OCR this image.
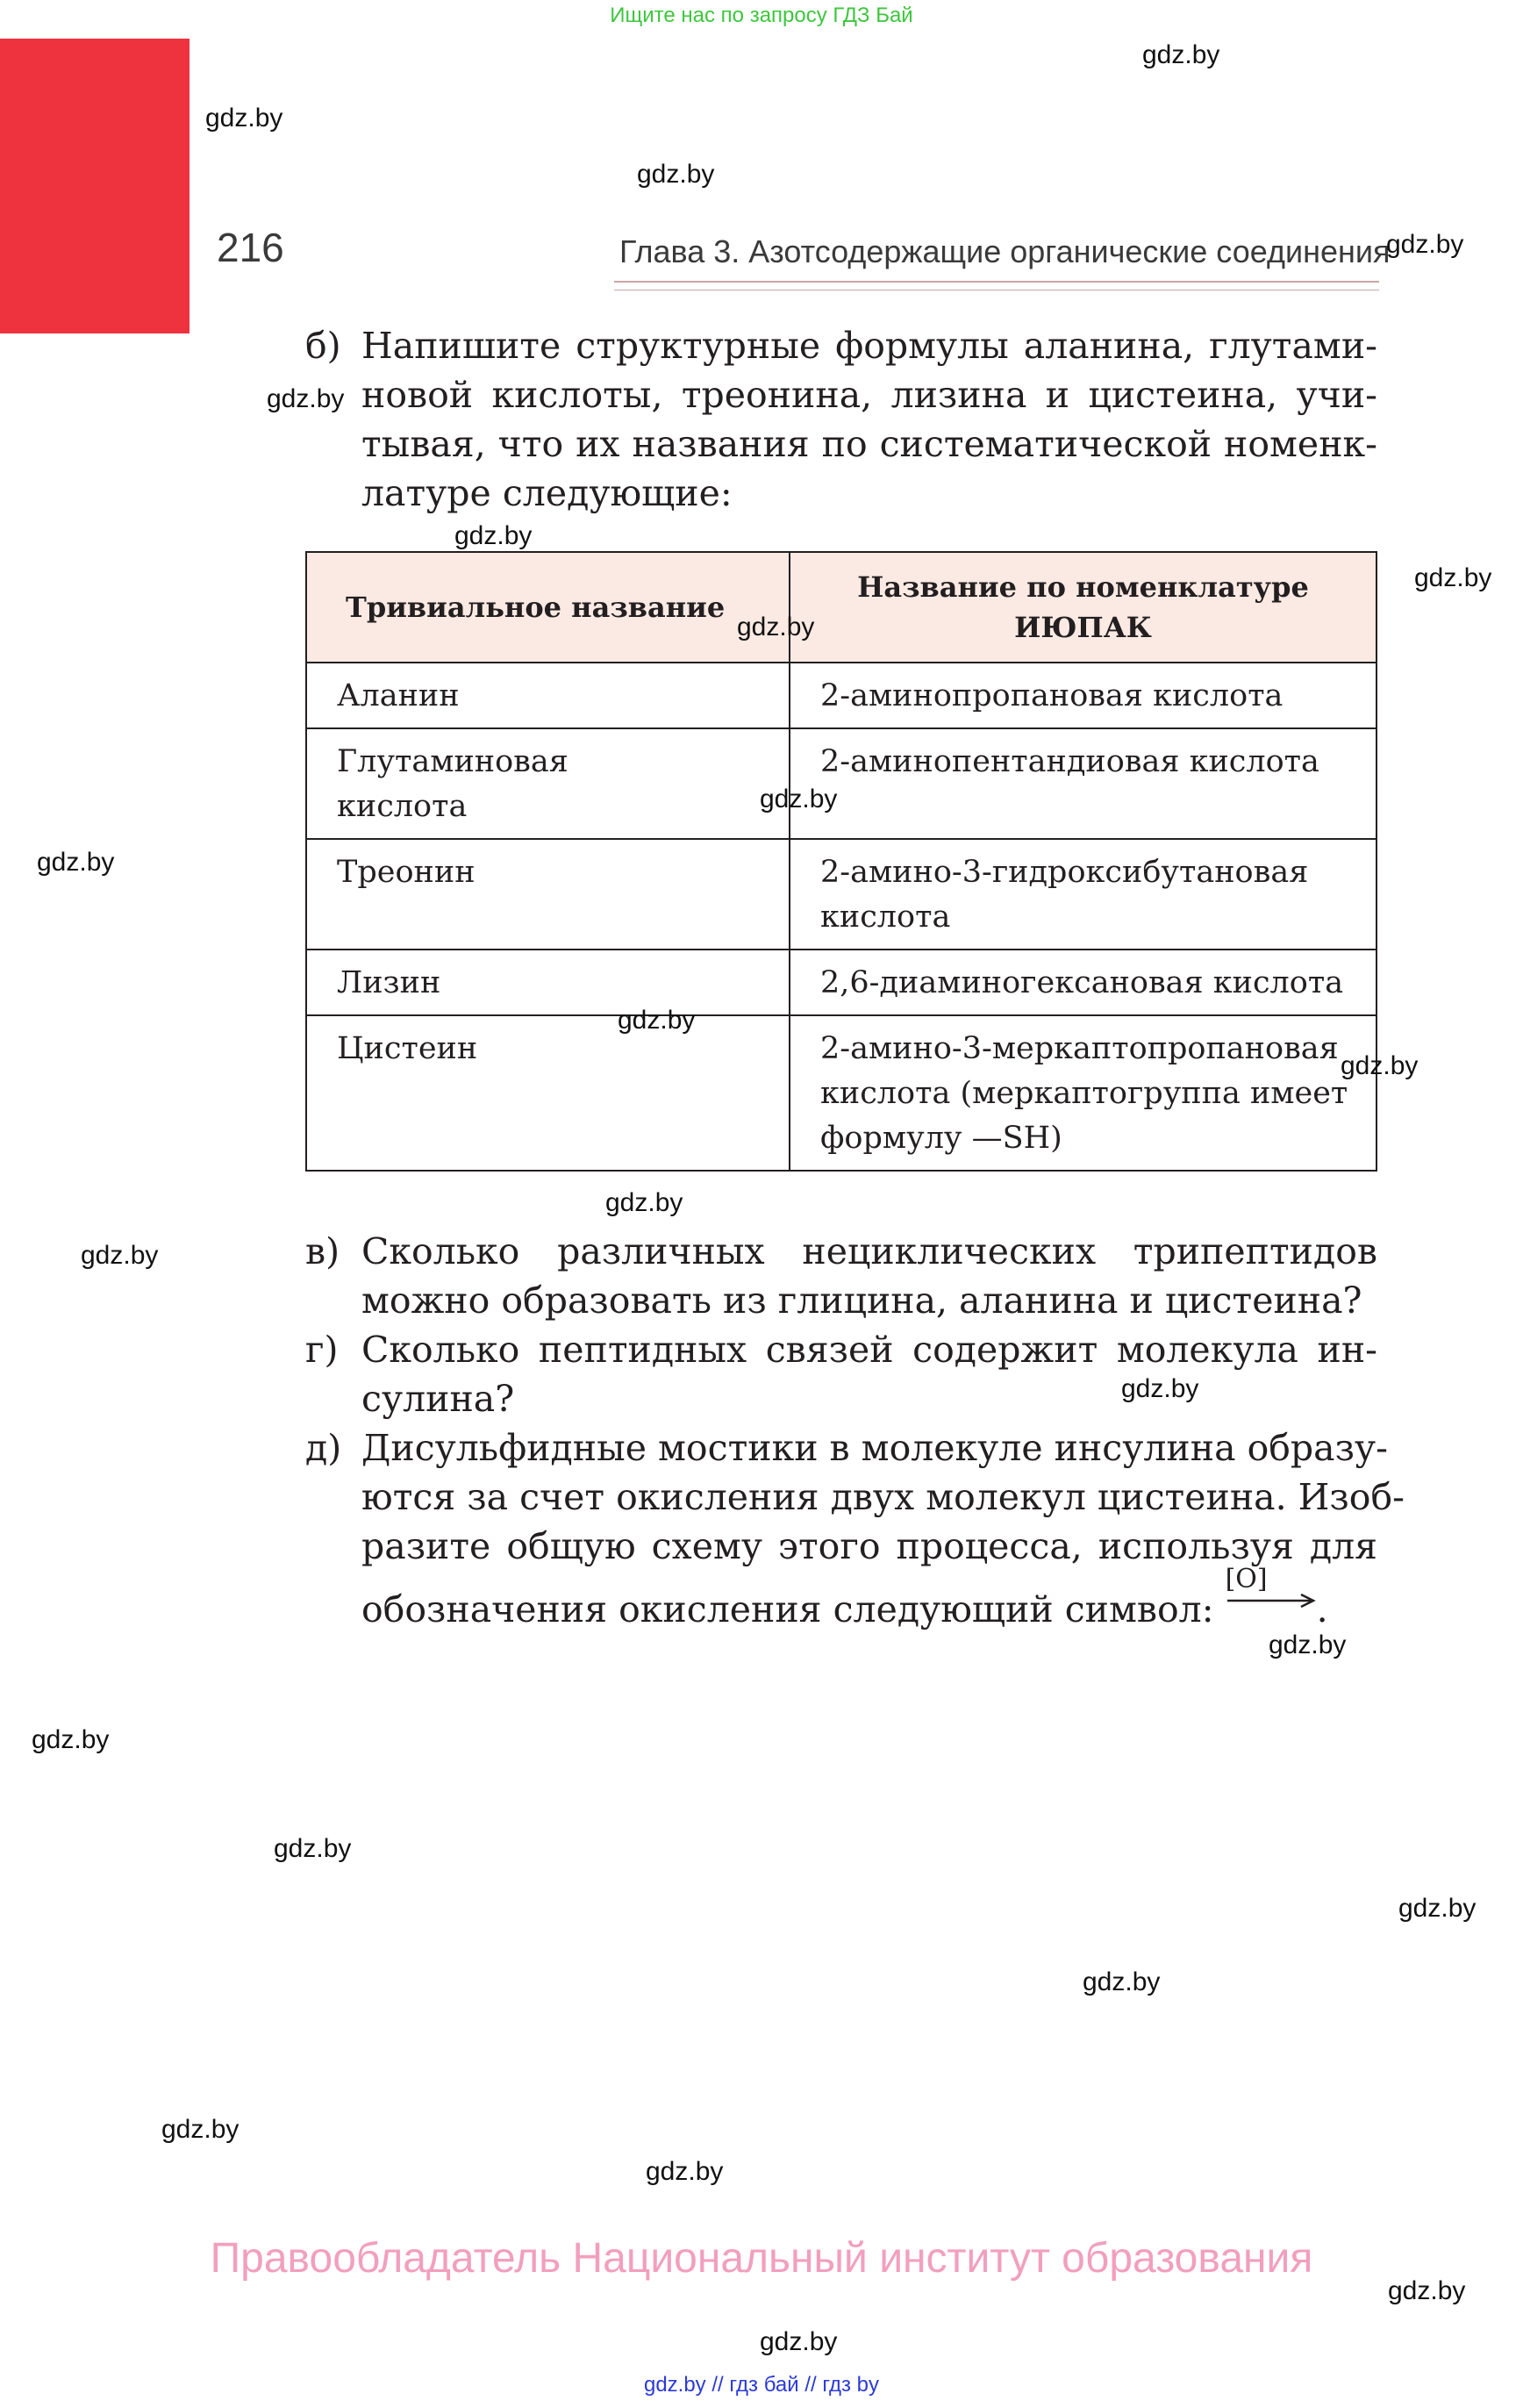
Ищите нас по запросу ГДЗ Бай
216	Глава 3. Азотсодержащие органические соединения
б) Напишите структурные формулы аланина, глутами-
новой кислоты, треонина, лизина и цистеина, учи-
тывая, что их названия по систематической номенк-
латуре следующие:
Тривиальное название	Название по номенклатуре
ИЮПАК

Аланин	2-аминопропановая кислота

Глутаминовая
кислота	2-аминопентандиовая кислота

Треонин	2-амино-3-гидроксибутановая
кислота

Лизин	2,6-диаминогексановая кислота

Цистеин	2-амино-3-меркаптопропановая
кислота (меркаптогруппа имеет
формулу —SH)
в) Сколько различных нециклических трипептидов
можно образовать из глицина, аланина и цистеина?
г) Сколько пептидных связей содержит молекула ин-
сулина?
д) Дисульфидные мостики в молекуле инсулина образу-
ются за счет окисления двух молекул цистеина. Изоб-
разите общую схему этого процесса, используя для
обозначения окисления следующий символ:
[O]
.
gdz.by
gdz.by
gdz.by
gdz.by
gdz.by
gdz.by
gdz.by
gdz.by
gdz.by
gdz.by
gdz.by
gdz.by
gdz.by
gdz.by
gdz.by
gdz.by
gdz.by
gdz.by
gdz.by
gdz.by
gdz.by
gdz.by
gdz.by
gdz.by
Правообладатель Национальный институт образования
gdz.by // гдз бай // гдз by
